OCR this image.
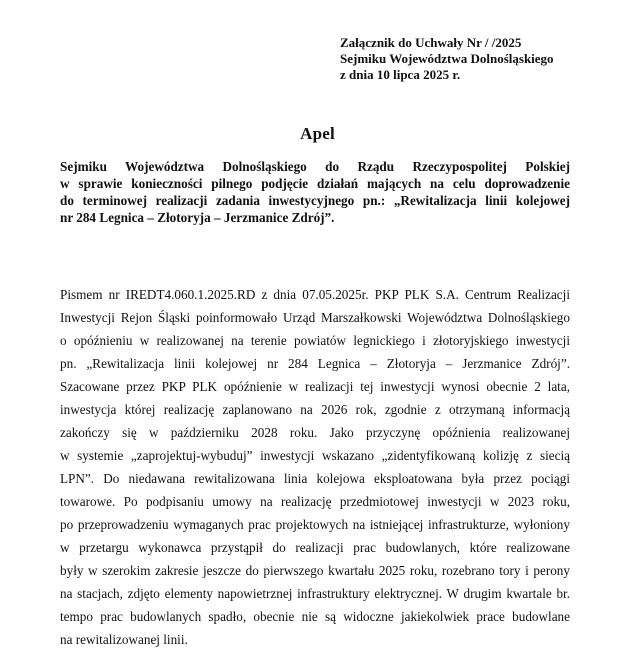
Załącznik do Uchwały Nr / /2025
Sejmiku Województwa Dolnośląskiego
z dnia 10 lipca 2025 r.
Apel
Sejmiku Województwa Dolnośląskiego do Rządu Rzeczypospolitej Polskiej
w sprawie konieczności pilnego podjęcie działań mających na celu doprowadzenie
do terminowej realizacji zadania inwestycyjnego pn.: „Rewitalizacja linii kolejowej
nr 284 Legnica – Złotoryja – Jerzmanice Zdrój”.
Pismem nr IREDT4.060.1.2025.RD z dnia 07.05.2025r. PKP PLK S.A. Centrum Realizacji
Inwestycji Rejon Śląski poinformowało Urząd Marszałkowski Województwa Dolnośląskiego
o opóźnieniu w realizowanej na terenie powiatów legnickiego i złotoryjskiego inwestycji
pn. „Rewitalizacja linii kolejowej nr 284 Legnica – Złotoryja – Jerzmanice Zdrój”.
Szacowane przez PKP PLK opóźnienie w realizacji tej inwestycji wynosi obecnie 2 lata,
inwestycja której realizację zaplanowano na 2026 rok, zgodnie z otrzymaną informacją
zakończy się w październiku 2028 roku. Jako przyczynę opóźnienia realizowanej
w systemie „zaprojektuj-wybuduj” inwestycji wskazano „zidentyfikowaną kolizję z siecią
LPN”. Do niedawana rewitalizowana linia kolejowa eksploatowana była przez pociągi
towarowe. Po podpisaniu umowy na realizację przedmiotowej inwestycji w 2023 roku,
po przeprowadzeniu wymaganych prac projektowych na istniejącej infrastrukturze, wyłoniony
w przetargu wykonawca przystąpił do realizacji prac budowlanych, które realizowane
były w szerokim zakresie jeszcze do pierwszego kwartału 2025 roku, rozebrano tory i perony
na stacjach, zdjęto elementy napowietrznej infrastruktury elektrycznej. W drugim kwartale br.
tempo prac budowlanych spadło, obecnie nie są widoczne jakiekolwiek prace budowlane
na rewitalizowanej linii.
